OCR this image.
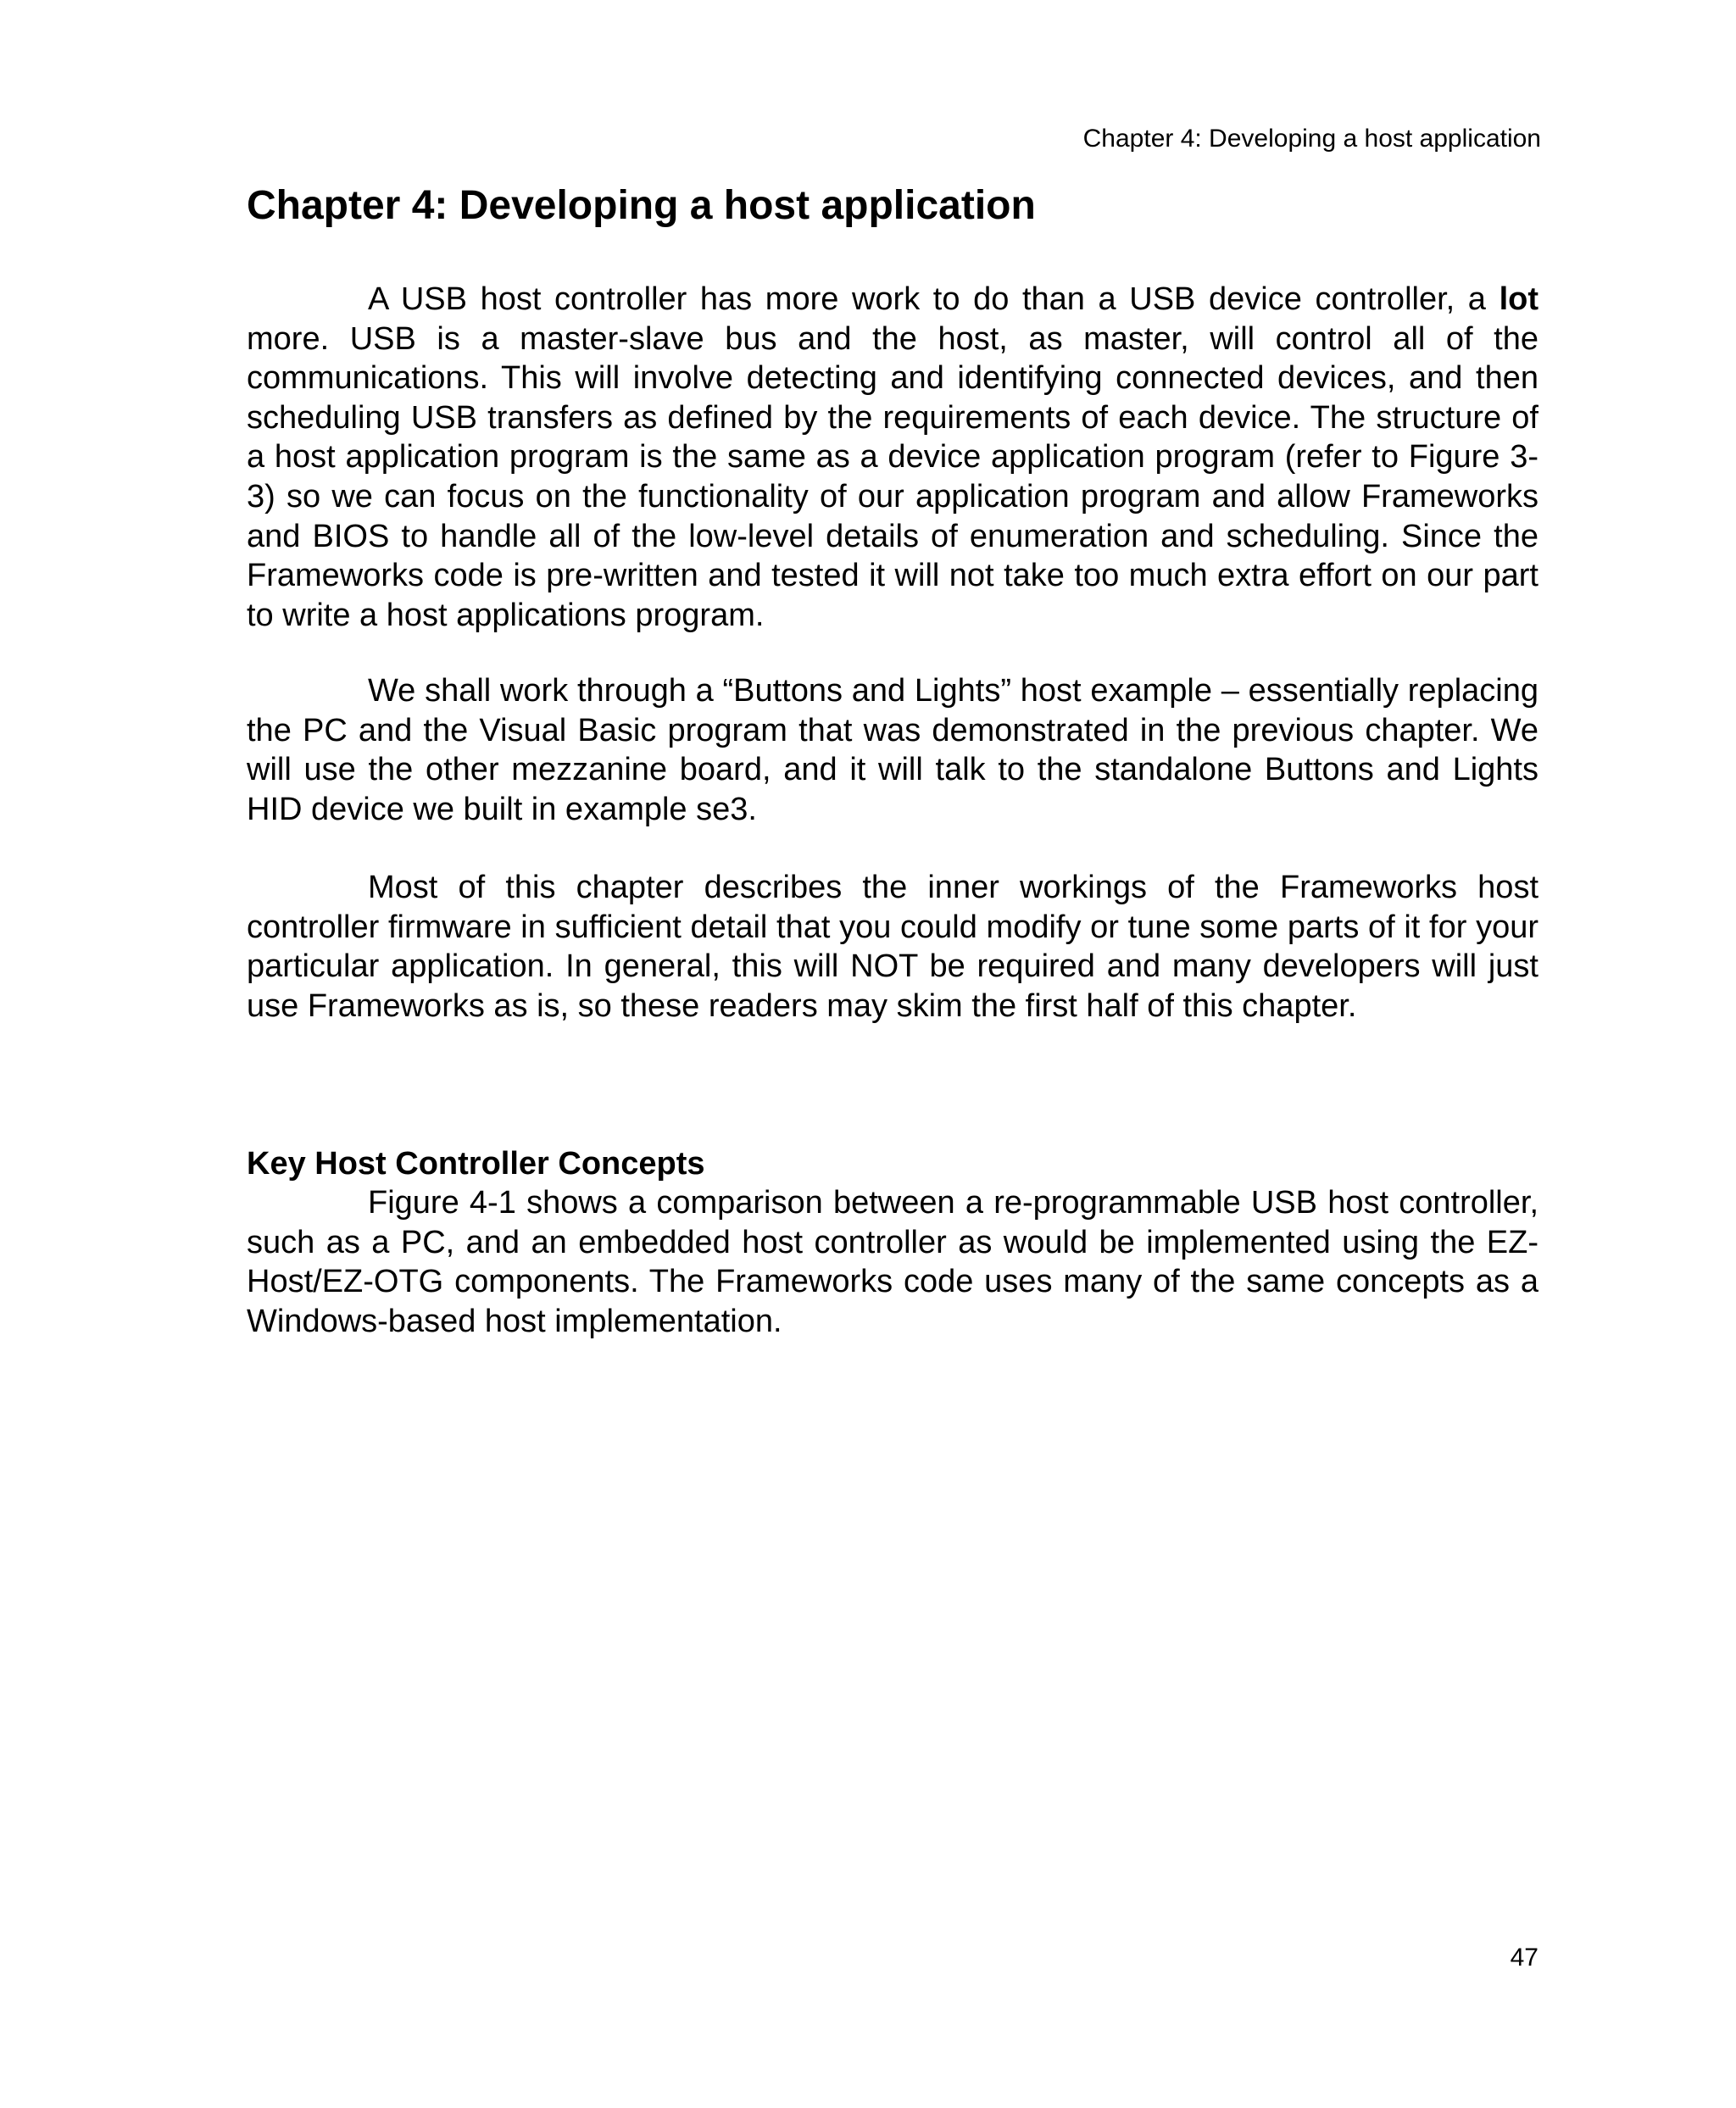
Chapter 4: Developing a host application
Chapter 4: Developing a host application

A USB host controller has more work to do than a USB device controller, a lot more. USB is a master-slave bus and the host, as master, will control all of the communications. This will involve detecting and identifying connected devices, and then scheduling USB transfers as defined by the requirements of each device. The structure of a host application program is the same as a device application program (refer to Figure 3-3) so we can focus on the functionality of our application program and allow Frameworks and BIOS to handle all of the low-level details of enumeration and scheduling. Since the Frameworks code is pre-written and tested it will not take too much extra effort on our part to write a host applications program.

We shall work through a “Buttons and Lights” host example – essentially replacing the PC and the Visual Basic program that was demonstrated in the previous chapter. We will use the other mezzanine board, and it will talk to the standalone Buttons and Lights HID device we built in example se3.

Most of this chapter describes the inner workings of the Frameworks host controller firmware in sufficient detail that you could modify or tune some parts of it for your particular application. In general, this will NOT be required and many developers will just use Frameworks as is, so these readers may skim the first half of this chapter.

Key Host Controller Concepts

Figure 4-1 shows a comparison between a re-programmable USB host controller, such as a PC, and an embedded host controller as would be implemented using the EZ-Host/EZ-OTG components. The Frameworks code uses many of the same concepts as a Windows-based host implementation.

47
